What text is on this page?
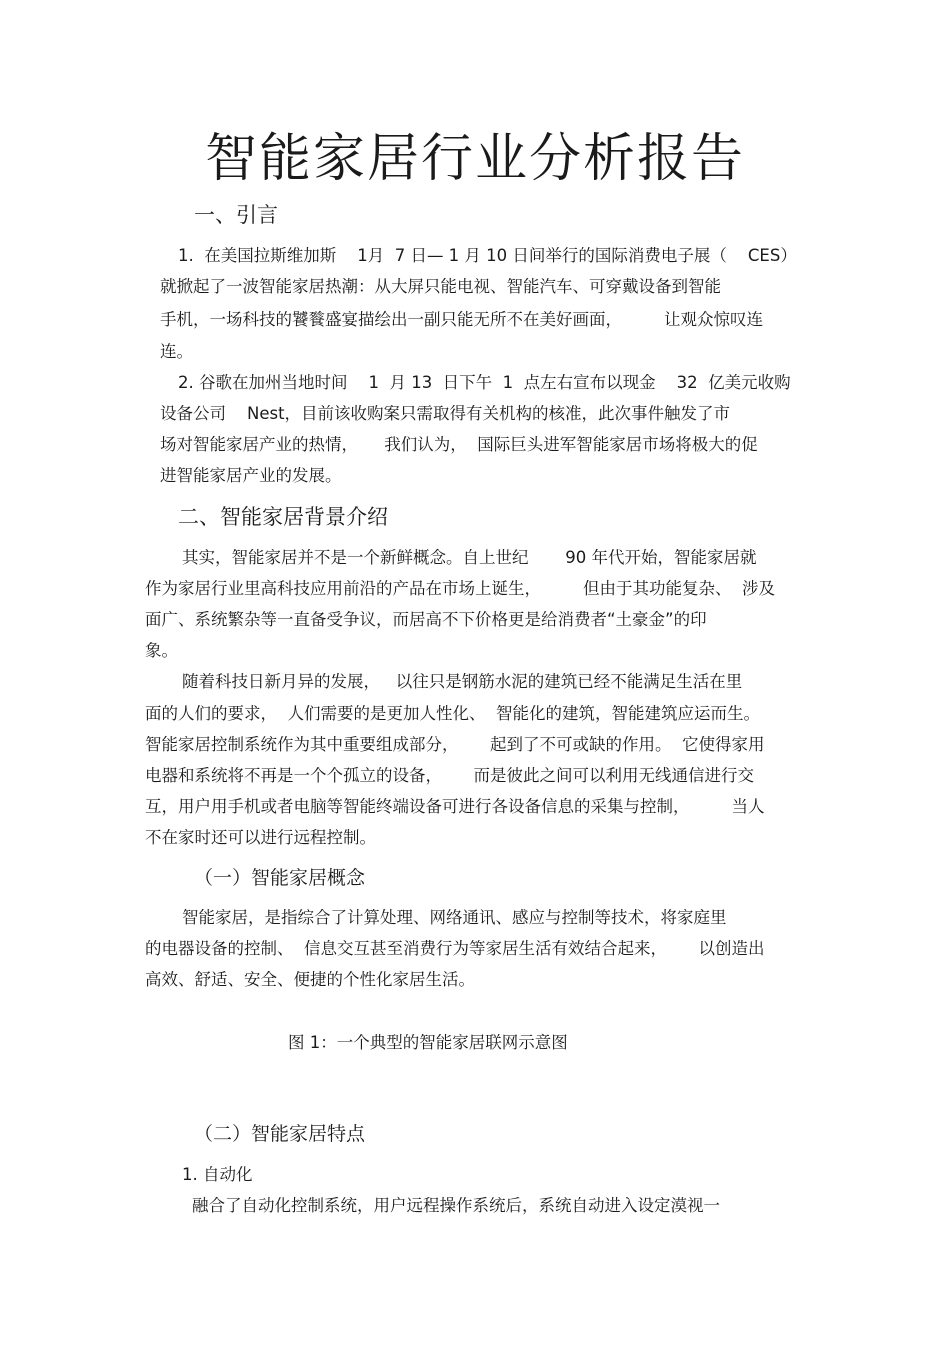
智能家居行业分析报告
一、引言
1.  在美国拉斯维加斯    1月  7 日— 1 月 10 日间举行的国际消费电子展（    CES）
就掀起了一波智能家居热潮：从大屏只能电视、智能汽车、可穿戴设备到智能
手机，一场科技的饕餮盛宴描绘出一副只能无所不在美好画面，        让观众惊叹连
连。
2. 谷歌在加州当地时间    1  月 13  日下午  1  点左右宣布以现金    32  亿美元收购
设备公司    Nest，目前该收购案只需取得有关机构的核准，此次事件触发了市
场对智能家居产业的热情，     我们认为，  国际巨头进军智能家居市场将极大的促
进智能家居产业的发展。
二、智能家居背景介绍
其实，智能家居并不是一个新鲜概念。自上世纪       90 年代开始，智能家居就
作为家居行业里高科技应用前沿的产品在市场上诞生，        但由于其功能复杂、  涉及
面广、系统繁杂等一直备受争议，而居高不下价格更是给消费者“土豪金”的印
象。
随着科技日新月异的发展，   以往只是钢筋水泥的建筑已经不能满足生活在里
面的人们的要求，  人们需要的是更加人性化、  智能化的建筑，智能建筑应运而生。
智能家居控制系统作为其中重要组成部分，      起到了不可或缺的作用。  它使得家用
电器和系统将不再是一个个孤立的设备，      而是彼此之间可以利用无线通信进行交
互，用户用手机或者电脑等智能终端设备可进行各设备信息的采集与控制，        当人
不在家时还可以进行远程控制。
（一）智能家居概念
智能家居，是指综合了计算处理、网络通讯、感应与控制等技术，将家庭里
的电器设备的控制、  信息交互甚至消费行为等家居生活有效结合起来，      以创造出
高效、舒适、安全、便捷的个性化家居生活。
图 1：一个典型的智能家居联网示意图
（二）智能家居特点
1. 自动化
融合了自动化控制系统，用户远程操作系统后，系统自动进入设定漠视一
